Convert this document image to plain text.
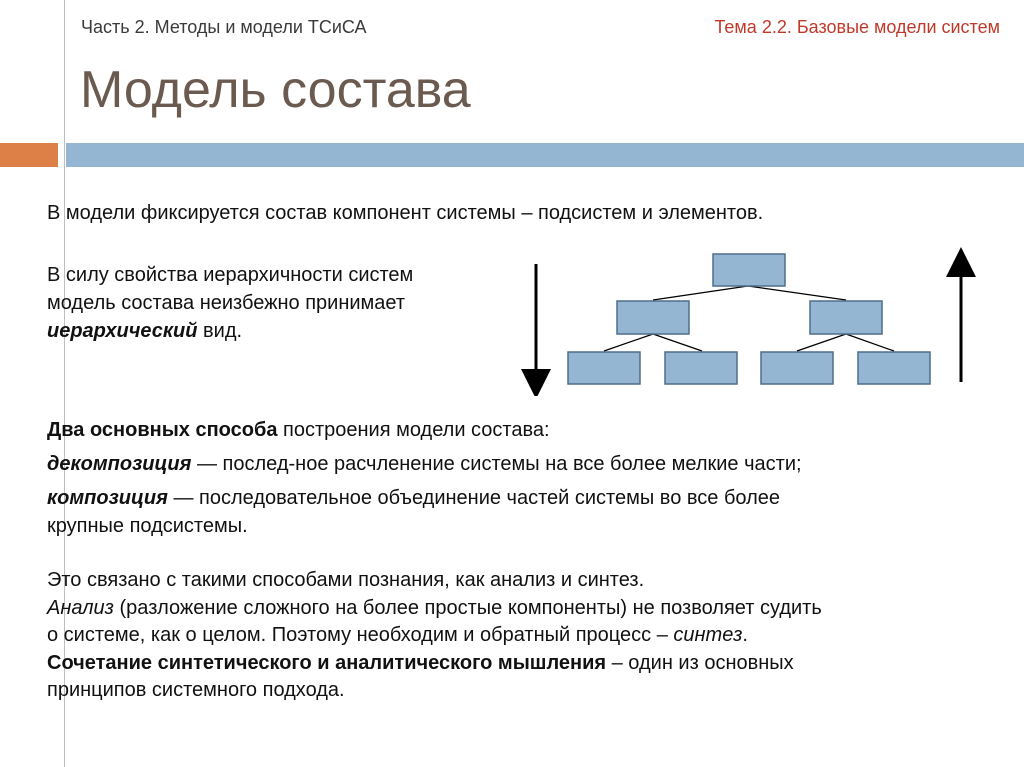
Часть 2. Методы и модели ТСиСА	Тема 2.2. Базовые модели систем
Модель состава
В модели фиксируется состав компонент системы – подсистем и элементов.
В силу свойства иерархичности систем
модель состава неизбежно принимает
иерархический вид.
Два основных способа построения модели состава:
декомпозиция — послед-ное расчленение системы на все более мелкие части;
композиция — последовательное объединение частей системы во все более
крупные подсистемы.
Это связано с такими способами познания, как анализ и синтез.
Анализ (разложение сложного на более простые компоненты) не позволяет судить
о системе, как о целом. Поэтому необходим и обратный процесс – синтез.
Сочетание синтетического и аналитического мышления – один из основных
принципов системного подхода.
